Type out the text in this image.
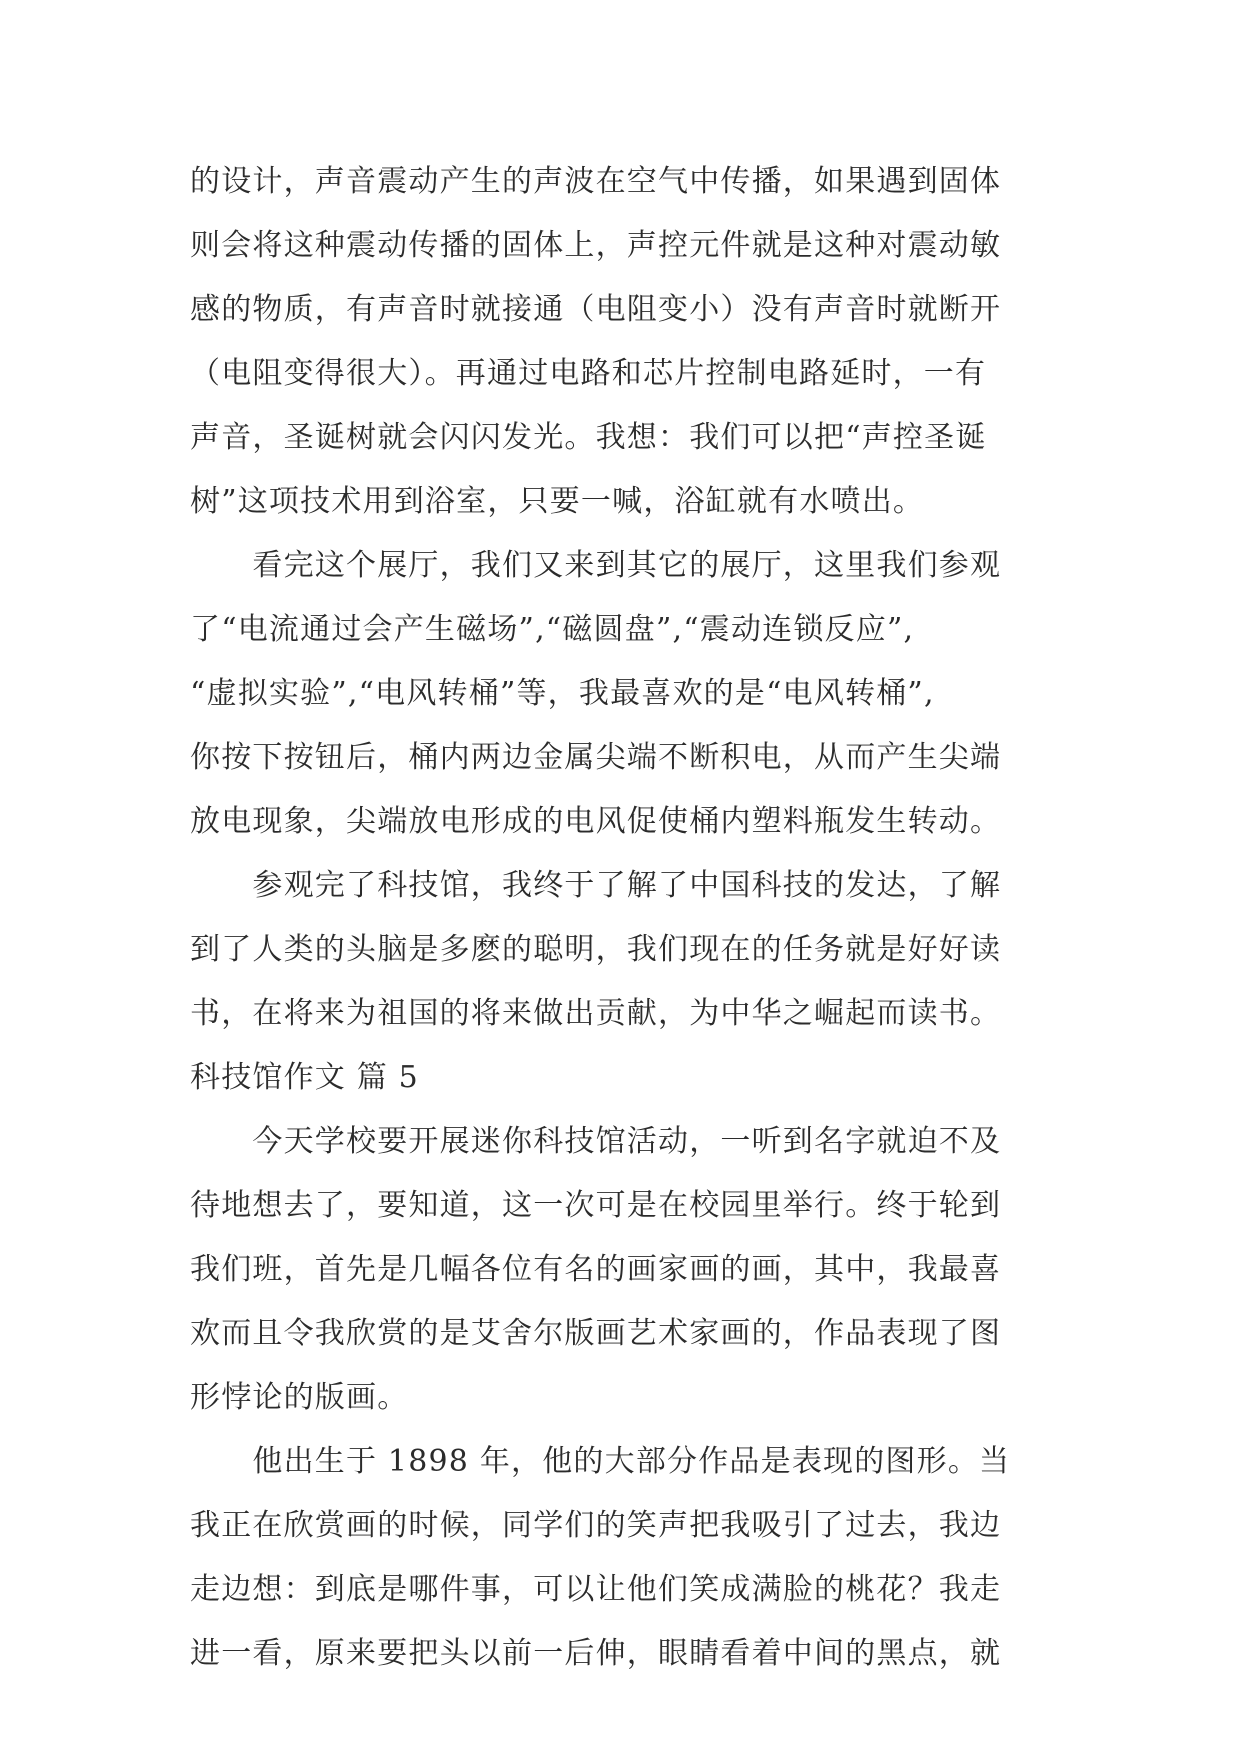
的设计，声音震动产生的声波在空气中传播，如果遇到固体
则会将这种震动传播的固体上，声控元件就是这种对震动敏
感的物质，有声音时就接通（电阻变小）没有声音时就断开
（电阻变得很大）。再通过电路和芯片控制电路延时，一有
声音，圣诞树就会闪闪发光。我想：我们可以把“声控圣诞
树”这项技术用到浴室，只要一喊，浴缸就有水喷出。
　　看完这个展厅，我们又来到其它的展厅，这里我们参观
了“电流通过会产生磁场”,“磁圆盘”,“震动连锁反应”,
“虚拟实验”,“电风转桶”等，我最喜欢的是“电风转桶”,
你按下按钮后，桶内两边金属尖端不断积电，从而产生尖端
放电现象，尖端放电形成的电风促使桶内塑料瓶发生转动。
　　参观完了科技馆，我终于了解了中国科技的发达，了解
到了人类的头脑是多麽的聪明，我们现在的任务就是好好读
书，在将来为祖国的将来做出贡献，为中华之崛起而读书。
科技馆作文 篇 5
　　今天学校要开展迷你科技馆活动，一听到名字就迫不及
待地想去了，要知道，这一次可是在校园里举行。终于轮到
我们班，首先是几幅各位有名的画家画的画，其中，我最喜
欢而且令我欣赏的是艾舍尔版画艺术家画的，作品表现了图
形悖论的版画。
　　他出生于 1898 年，他的大部分作品是表现的图形。当
我正在欣赏画的时候，同学们的笑声把我吸引了过去，我边
走边想：到底是哪件事，可以让他们笑成满脸的桃花？我走
进一看，原来要把头以前一后伸，眼睛看着中间的黑点，就
